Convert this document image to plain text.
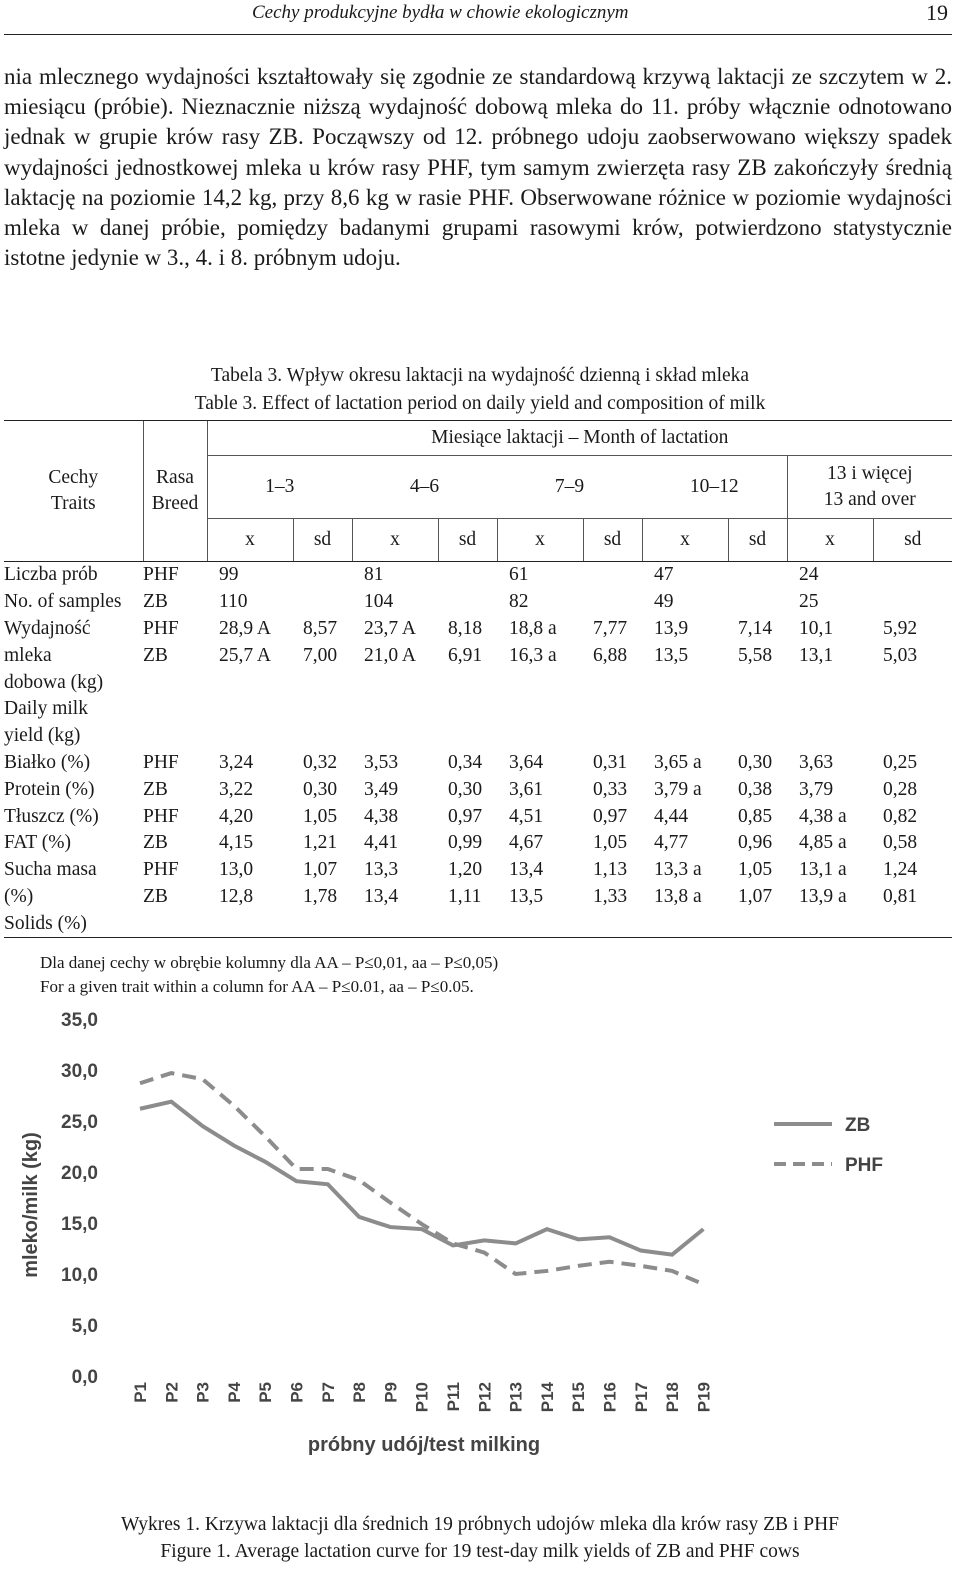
Cechy produkcyjne bydła w chowie ekologicznym	19
nia mlecznego wydajności kształtowały się zgodnie ze standardową krzywą laktacji ze szczytem w 2. miesiącu (próbie). Nieznacznie niższą wydajność dobową mleka do 11. próby włącznie odnotowano jednak w grupie krów rasy ZB. Począwszy od 12. próbnego udoju zaobserwowano większy spadek wydajności jednostkowej mleka u krów rasy PHF, tym samym zwierzęta rasy ZB zakończyły średnią laktację na poziomie 14,2 kg, przy 8,6 kg w rasie PHF. Obserwowane różnice w poziomie wydajności mleka w danej próbie, pomiędzy badanymi grupami rasowymi krów, potwierdzono statystycznie istotne jedynie w 3., 4. i 8. próbnym udoju.
Tabela 3. Wpływ okresu laktacji na wydajność dzienną i skład mleka
Table 3. Effect of lactation period on daily yield and composition of milk
Cechy
Traits	Rasa
Breed	Miesiące laktacji – Month of lactation									
		1–3		4–6		7–9		10–12		13 i więcej
13 and over	

		x	sd	x	sd	x	sd	x	sd	x	sd
Liczba prób	PHF	99		81		61		47		24	
No. of samples	ZB	110		104		82		49		25	
Wydajność	PHF	28,9 A	8,57	23,7 A	8,18	18,8 a	7,77	13,9	7,14	10,1	5,92
mleka	ZB	25,7 A	7,00	21,0 A	6,91	16,3 a	6,88	13,5	5,58	13,1	5,03
dobowa (kg)											
Daily milk											
yield (kg)											
Białko (%)	PHF	3,24	0,32	3,53	0,34	3,64	0,31	3,65 a	0,30	3,63	0,25
Protein (%)	ZB	3,22	0,30	3,49	0,30	3,61	0,33	3,79 a	0,38	3,79	0,28
Tłuszcz (%)	PHF	4,20	1,05	4,38	0,97	4,51	0,97	4,44	0,85	4,38 a	0,82
FAT (%)	ZB	4,15	1,21	4,41	0,99	4,67	1,05	4,77	0,96	4,85 a	0,58
Sucha masa	PHF	13,0	1,07	13,3	1,20	13,4	1,13	13,3 a	1,05	13,1 a	1,24
(%)	ZB	12,8	1,78	13,4	1,11	13,5	1,33	13,8 a	1,07	13,9 a	0,81
Solids (%)											
Dla danej cechy w obrębie kolumny dla AA – P≤0,01, aa – P≤0,05)
For a given trait within a column for AA – P≤0.01, aa – P≤0.05.
0,0
5,0
10,0
15,0
20,0
25,0
30,0
35,0
P1 P2 P3 P4 P5 P6 P7 P8 P9 P10 P11 P12 P13 P14 P15 P16 P17 P18 P19
mleko/milk (kg)
próbny udój/test milking
ZB
PHF
Wykres 1. Krzywa laktacji dla średnich 19 próbnych udojów mleka dla krów rasy ZB i PHF
Figure 1. Average lactation curve for 19 test-day milk yields of ZB and PHF cows
